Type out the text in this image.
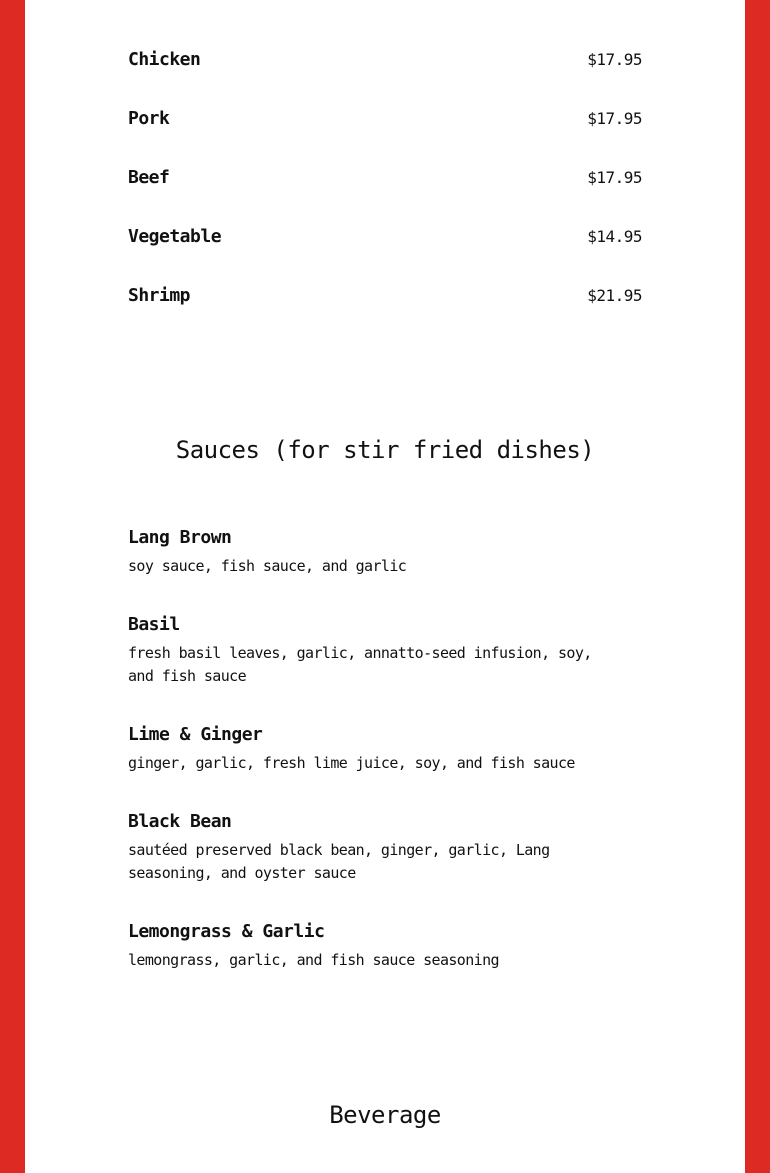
Chicken	$17.95
Pork	$17.95
Beef	$17.95
Vegetable	$14.95
Shrimp	$21.95
Sauces (for stir fried dishes)
Lang Brown
soy sauce, fish sauce, and garlic
Basil
fresh basil leaves, garlic, annatto-seed infusion, soy, and fish sauce
Lime & Ginger
ginger, garlic, fresh lime juice, soy, and fish sauce
Black Bean
sautéed preserved black bean, ginger, garlic, Lang seasoning, and oyster sauce
Lemongrass & Garlic
lemongrass, garlic, and fish sauce seasoning
Beverage
